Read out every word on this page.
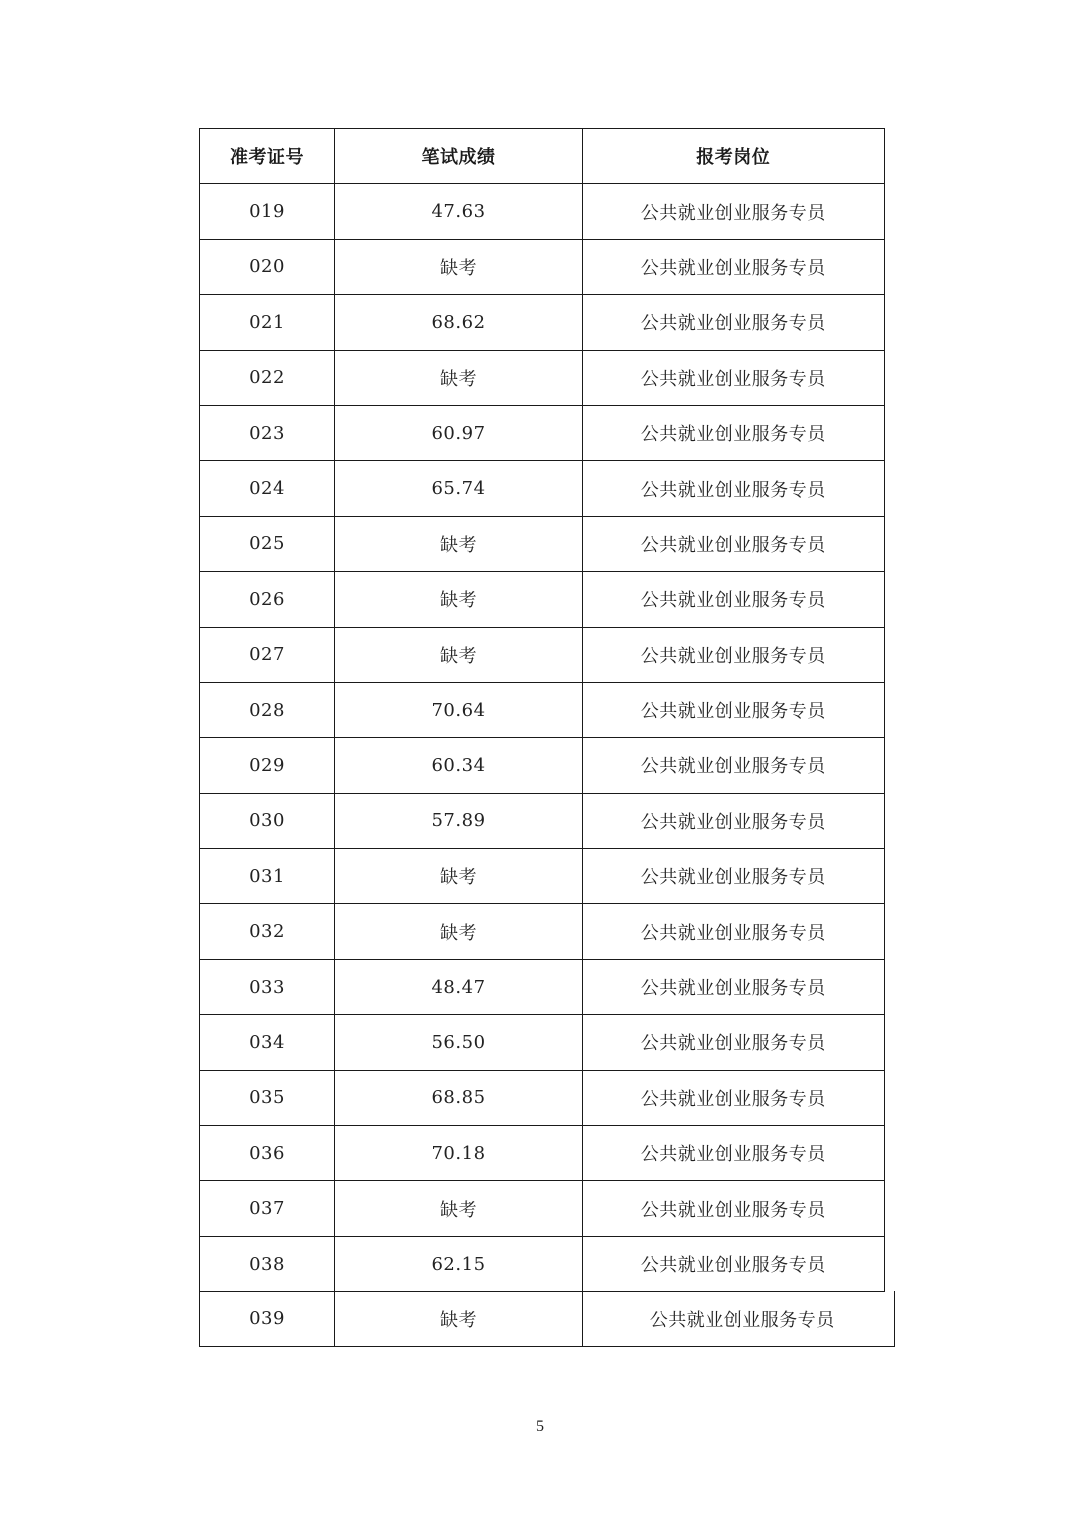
准考证号	笔试成绩	报考岗位
019	47.63	公共就业创业服务专员
020	缺考	公共就业创业服务专员
021	68.62	公共就业创业服务专员
022	缺考	公共就业创业服务专员
023	60.97	公共就业创业服务专员
024	65.74	公共就业创业服务专员
025	缺考	公共就业创业服务专员
026	缺考	公共就业创业服务专员
027	缺考	公共就业创业服务专员
028	70.64	公共就业创业服务专员
029	60.34	公共就业创业服务专员
030	57.89	公共就业创业服务专员
031	缺考	公共就业创业服务专员
032	缺考	公共就业创业服务专员
033	48.47	公共就业创业服务专员
034	56.50	公共就业创业服务专员
035	68.85	公共就业创业服务专员
036	70.18	公共就业创业服务专员
037	缺考	公共就业创业服务专员
038	62.15	公共就业创业服务专员
039	缺考	公共就业创业服务专员
5
